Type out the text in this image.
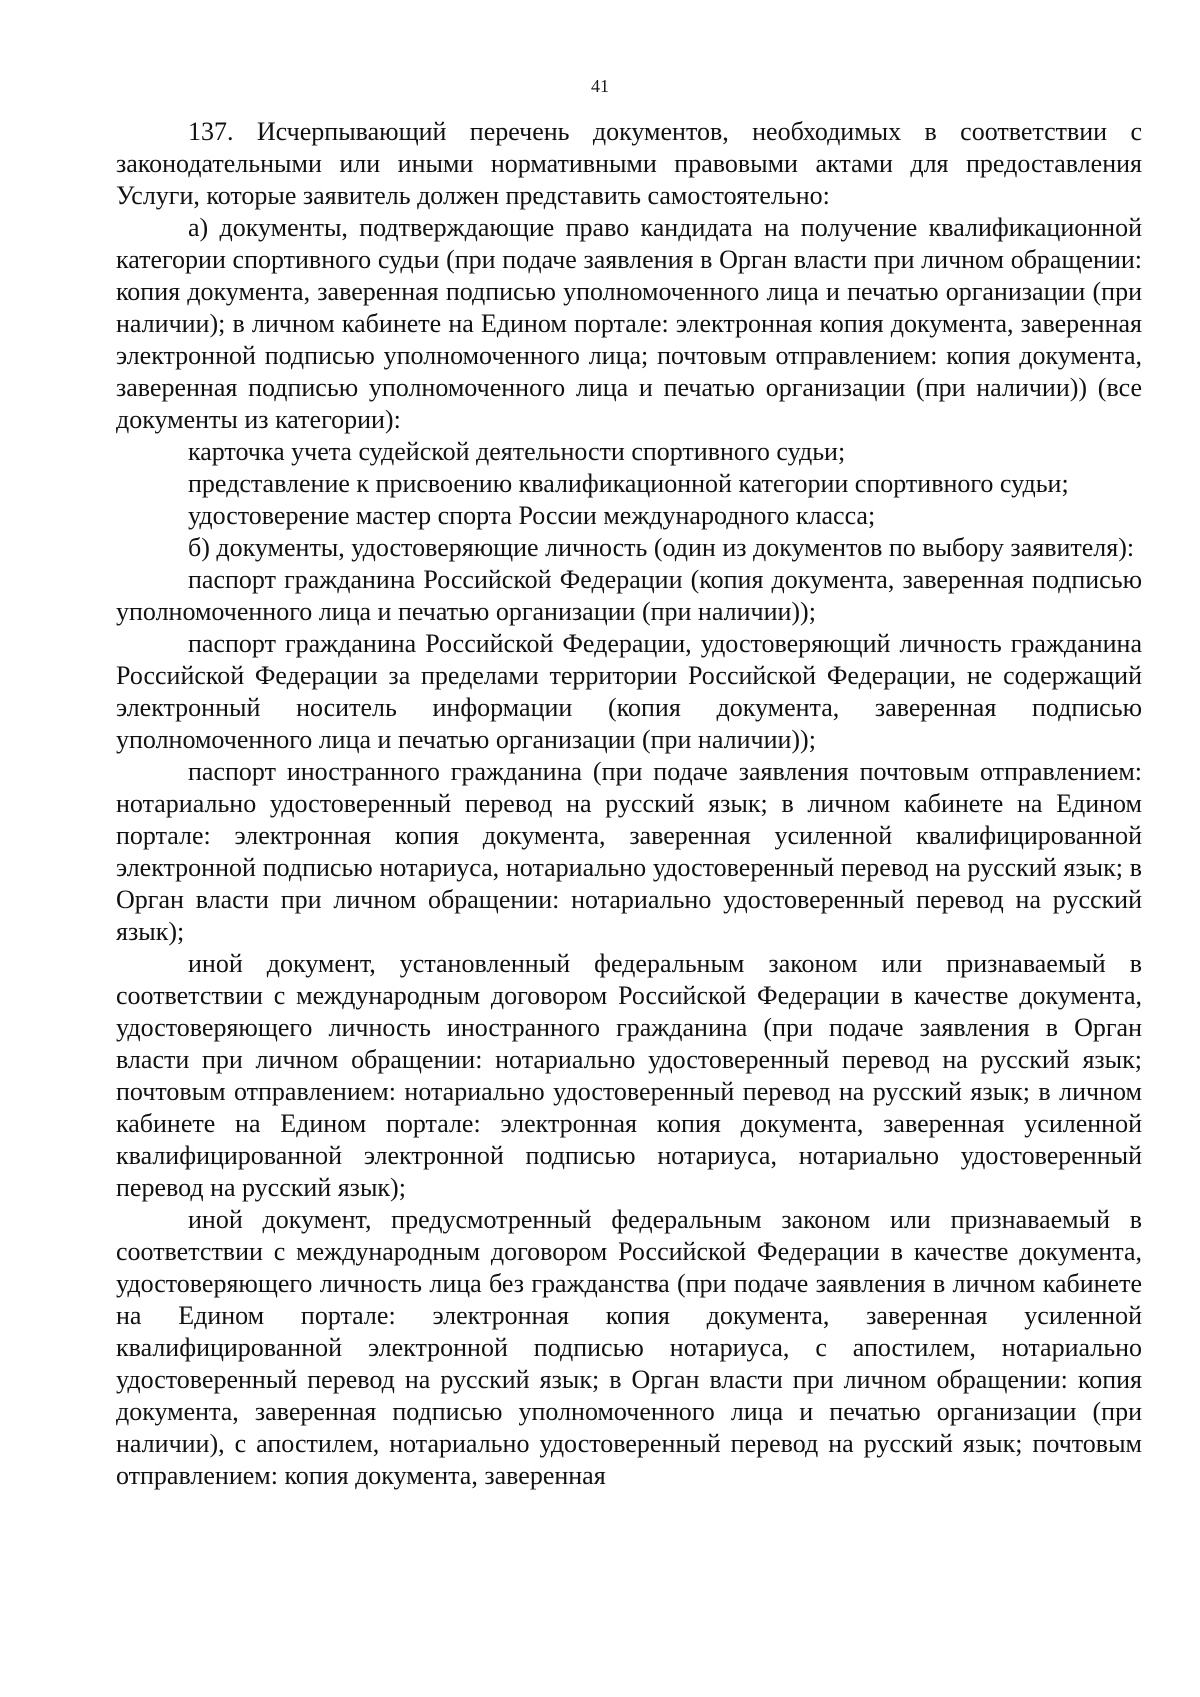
41

137. Исчерпывающий перечень документов, необходимых в соответствии с законодательными или иными нормативными правовыми актами для предоставления Услуги, которые заявитель должен представить самостоятельно:

а) документы, подтверждающие право кандидата на получение квалификационной категории спортивного судьи (при подаче заявления в Орган власти при личном обращении: копия документа, заверенная подписью уполномоченного лица и печатью организации (при наличии); в личном кабинете на Едином портале: электронная копия документа, заверенная электронной подписью уполномоченного лица; почтовым отправлением: копия документа, заверенная подписью уполномоченного лица и печатью организации (при наличии)) (все документы из категории):

карточка учета судейской деятельности спортивного судьи;

представление к присвоению квалификационной категории спортивного судьи;

удостоверение мастер спорта России международного класса;

б) документы, удостоверяющие личность (один из документов по выбору заявителя):

паспорт гражданина Российской Федерации (копия документа, заверенная подписью уполномоченного лица и печатью организации (при наличии));

паспорт гражданина Российской Федерации, удостоверяющий личность гражданина Российской Федерации за пределами территории Российской Федерации, не содержащий электронный носитель информации (копия документа, заверенная подписью уполномоченного лица и печатью организации (при наличии));

паспорт иностранного гражданина (при подаче заявления почтовым отправлением: нотариально удостоверенный перевод на русский язык; в личном кабинете на Едином портале: электронная копия документа, заверенная усиленной квалифицированной электронной подписью нотариуса, нотариально удостоверенный перевод на русский язык; в Орган власти при личном обращении: нотариально удостоверенный перевод на русский язык);

иной документ, установленный федеральным законом или признаваемый в соответствии с международным договором Российской Федерации в качестве документа, удостоверяющего личность иностранного гражданина (при подаче заявления в Орган власти при личном обращении: нотариально удостоверенный перевод на русский язык; почтовым отправлением: нотариально удостоверенный перевод на русский язык; в личном кабинете на Едином портале: электронная копия документа, заверенная усиленной квалифицированной электронной подписью нотариуса, нотариально удостоверенный перевод на русский язык);

иной документ, предусмотренный федеральным законом или признаваемый в соответствии с международным договором Российской Федерации в качестве документа, удостоверяющего личность лица без гражданства (при подаче заявления в личном кабинете на Едином портале: электронная копия документа, заверенная усиленной квалифицированной электронной подписью нотариуса, с апостилем, нотариально удостоверенный перевод на русский язык; в Орган власти при личном обращении: копия документа, заверенная подписью уполномоченного лица и печатью организации (при наличии), с апостилем, нотариально удостоверенный перевод на русский язык; почтовым отправлением: копия документа, заверенная
